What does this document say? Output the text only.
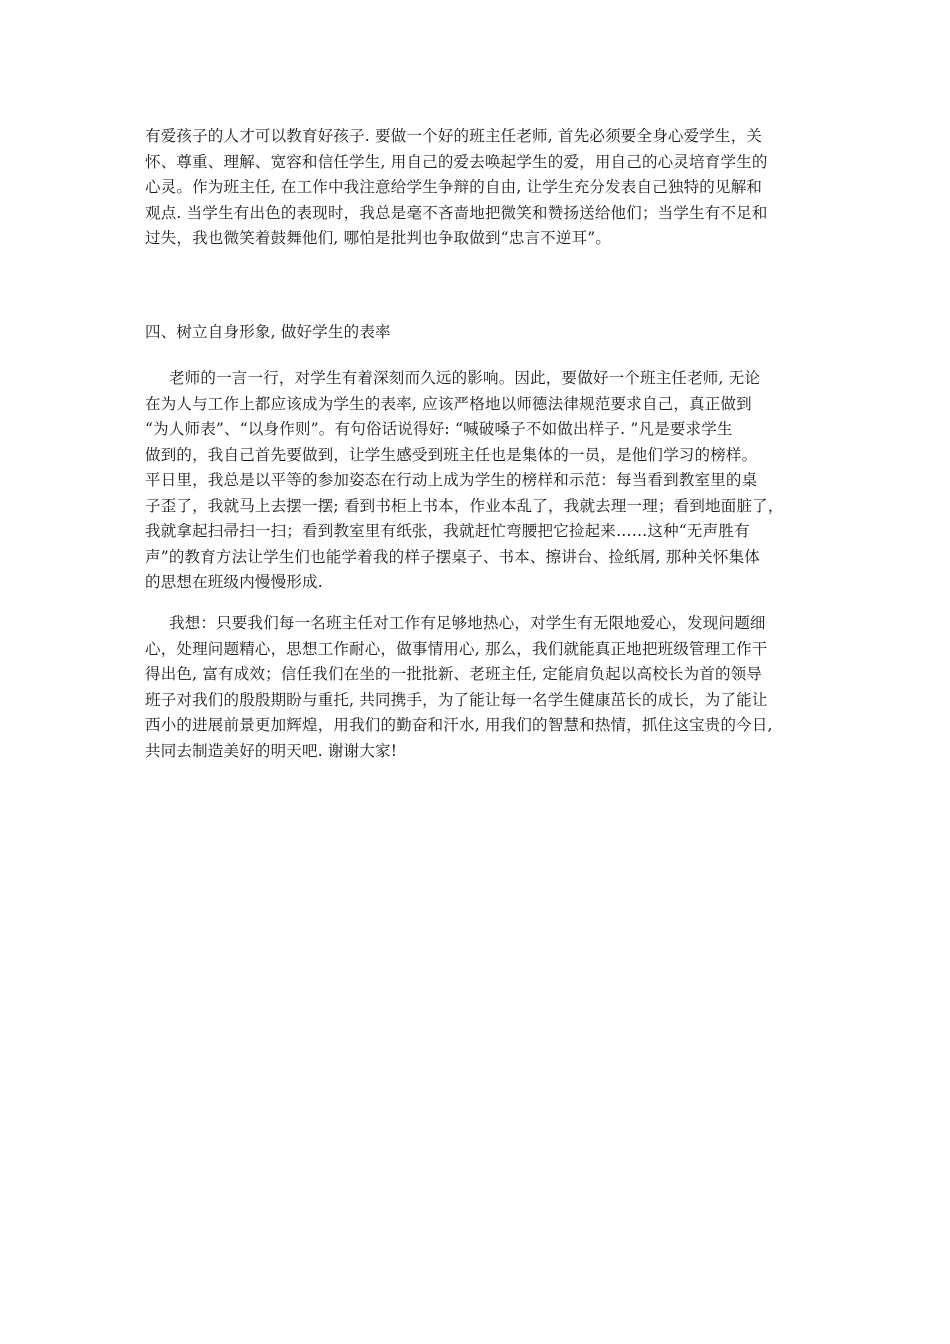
有爱孩子的人才可以教育好孩子. 要做一个好的班主任老师, 首先必须要全身心爱学生，关
怀、尊重、理解、宽容和信任学生, 用自己的爱去唤起学生的爱，用自己的心灵培育学生的
心灵。作为班主任, 在工作中我注意给学生争辩的自由, 让学生充分发表自己独特的见解和
观点. 当学生有出色的表现时，我总是毫不吝啬地把微笑和赞扬送给他们；当学生有不足和
过失，我也微笑着鼓舞他们, 哪怕是批判也争取做到“忠言不逆耳”。
四、树立自身形象, 做好学生的表率
老师的一言一行，对学生有着深刻而久远的影响。因此，要做好一个班主任老师, 无论
在为人与工作上都应该成为学生的表率, 应该严格地以师德法律规范要求自己，真正做到
“为人师表”、“以身作则”。有句俗话说得好: “喊破嗓子不如做出样子. ”凡是要求学生
做到的，我自己首先要做到，让学生感受到班主任也是集体的一员，是他们学习的榜样。
平日里，我总是以平等的参加姿态在行动上成为学生的榜样和示范：每当看到教室里的桌
子歪了，我就马上去摆一摆; 看到书柜上书本，作业本乱了，我就去理一理；看到地面脏了，
我就拿起扫帚扫一扫；看到教室里有纸张，我就赶忙弯腰把它捡起来……这种“无声胜有
声”的教育方法让学生们也能学着我的样子摆桌子、书本、擦讲台、捡纸屑, 那种关怀集体
的思想在班级内慢慢形成.
我想：只要我们每一名班主任对工作有足够地热心，对学生有无限地爱心，发现问题细
心，处理问题精心，思想工作耐心，做事情用心, 那么，我们就能真正地把班级管理工作干
得出色, 富有成效；信任我们在坐的一批批新、老班主任, 定能肩负起以高校长为首的领导
班子对我们的殷殷期盼与重托, 共同携手，为了能让每一名学生健康茁长的成长，为了能让
西小的进展前景更加辉煌，用我们的勤奋和汗水, 用我们的智慧和热情，抓住这宝贵的今日,
共同去制造美好的明天吧. 谢谢大家!
